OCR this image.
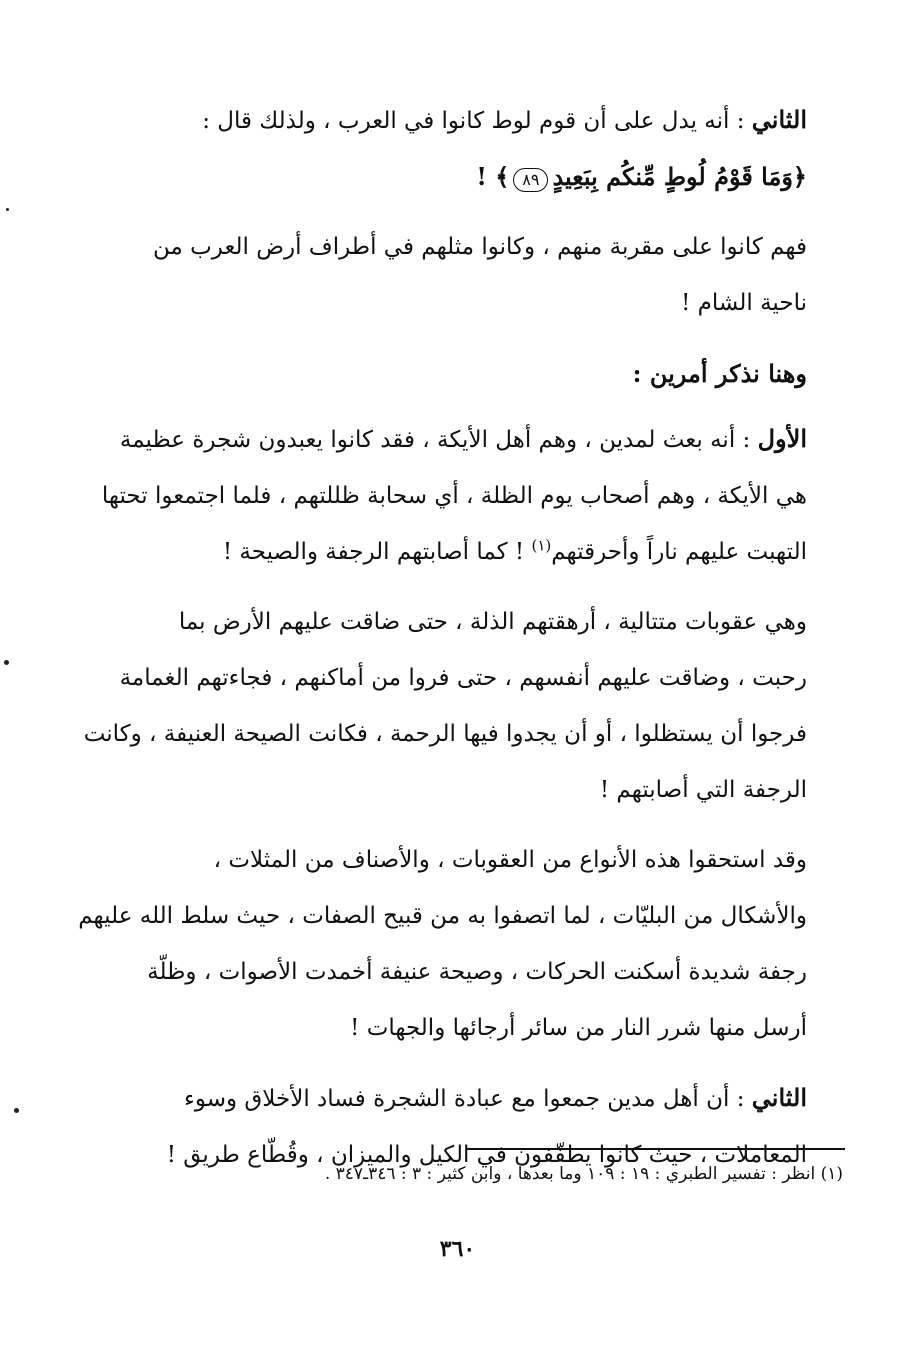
الثاني : أنه يدل على أن قوم لوط كانوا في العرب ، ولذلك قال :
﴿وَمَا قَوْمُ لُوطٍ مِّنكُم بِبَعِيدٍ٨٩﴾ !
فهم كانوا على مقربة منهم ، وكانوا مثلهم في أطراف أرض العرب من
ناحية الشام !
وهنا نذكر أمرين :
الأول : أنه بعث لمدين ، وهم أهل الأيكة ، فقد كانوا يعبدون شجرة عظيمة
هي الأيكة ، وهم أصحاب يوم الظلة ، أي سحابة ظللتهم ، فلما اجتمعوا تحتها
التهبت عليهم ناراً وأحرقتهم$^{(١)}$ ! كما أصابتهم الرجفة والصيحة !
وهي عقوبات متتالية ، أرهقتهم الذلة ، حتى ضاقت عليهم الأرض بما
رحبت ، وضاقت عليهم أنفسهم ، حتى فروا من أماكنهم ، فجاءتهم الغمامة
فرجوا أن يستظلوا ، أو أن يجدوا فيها الرحمة ، فكانت الصيحة العنيفة ، وكانت
الرجفة التي أصابتهم !
وقد استحقوا هذه الأنواع من العقوبات ، والأصناف من المثلات ،
والأشكال من البليّات ، لما اتصفوا به من قبيح الصفات ، حيث سلط الله عليهم
رجفة شديدة أسكنت الحركات ، وصيحة عنيفة أخمدت الأصوات ، وظلّة
أرسل منها شرر النار من سائر أرجائها والجهات !
الثاني : أن أهل مدين جمعوا مع عبادة الشجرة فساد الأخلاق وسوء
المعاملات ، حيث كانوا يطفّفون في الكيل والميزان ، وقُطّاع طريق !
(١) انظر : تفسير الطبري : ١٩ : ١٠٩ وما بعدها ، وابن كثير : ٣ : ٣٤٦ـ٣٤٧ .
٣٦٠
